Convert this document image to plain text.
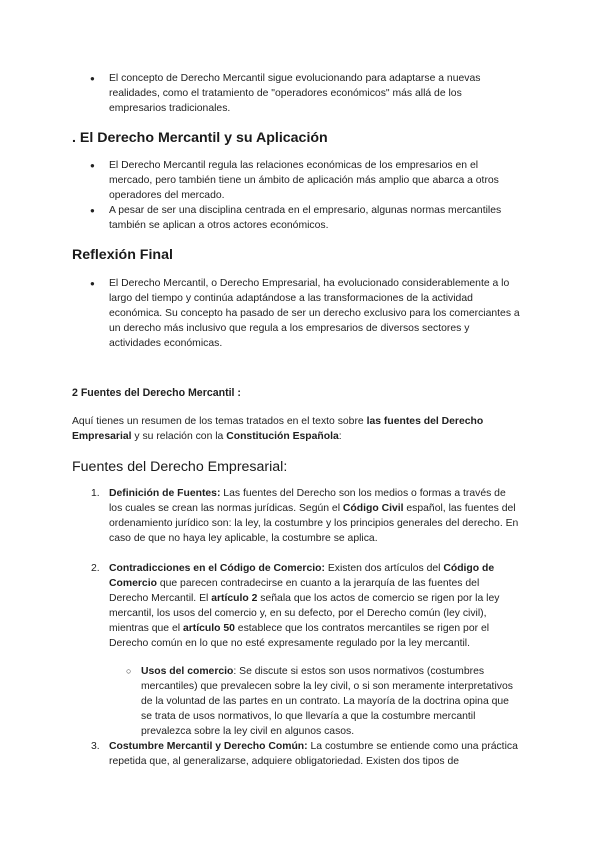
● El concepto de Derecho Mercantil sigue evolucionando para adaptarse a nuevas realidades, como el tratamiento de "operadores económicos" más allá de los empresarios tradicionales.
. El Derecho Mercantil y su Aplicación
● El Derecho Mercantil regula las relaciones económicas de los empresarios en el mercado, pero también tiene un ámbito de aplicación más amplio que abarca a otros operadores del mercado.
● A pesar de ser una disciplina centrada en el empresario, algunas normas mercantiles también se aplican a otros actores económicos.
Reflexión Final
● El Derecho Mercantil, o Derecho Empresarial, ha evolucionado considerablemente a lo largo del tiempo y continúa adaptándose a las transformaciones de la actividad económica. Su concepto ha pasado de ser un derecho exclusivo para los comerciantes a un derecho más inclusivo que regula a los empresarios de diversos sectores y actividades económicas.
2 Fuentes del Derecho Mercantil :

Aquí tienes un resumen de los temas tratados en el texto sobre las fuentes del Derecho Empresarial y su relación con la Constitución Española:

Fuentes del Derecho Empresarial:
1. Definición de Fuentes: Las fuentes del Derecho son los medios o formas a través de los cuales se crean las normas jurídicas. Según el Código Civil español, las fuentes del ordenamiento jurídico son: la ley, la costumbre y los principios generales del derecho. En caso de que no haya ley aplicable, la costumbre se aplica.

2. Contradicciones en el Código de Comercio: Existen dos artículos del Código de Comercio que parecen contradecirse en cuanto a la jerarquía de las fuentes del Derecho Mercantil. El artículo 2 señala que los actos de comercio se rigen por la ley mercantil, los usos del comercio y, en su defecto, por el Derecho común (ley civil), mientras que el artículo 50 establece que los contratos mercantiles se rigen por el Derecho común en lo que no esté expresamente regulado por la ley mercantil.

○ Usos del comercio: Se discute si estos son usos normativos (costumbres mercantiles) que prevalecen sobre la ley civil, o si son meramente interpretativos de la voluntad de las partes en un contrato. La mayoría de la doctrina opina que se trata de usos normativos, lo que llevaría a que la costumbre mercantil prevalezca sobre la ley civil en algunos casos.
3. Costumbre Mercantil y Derecho Común: La costumbre se entiende como una práctica repetida que, al generalizarse, adquiere obligatoriedad. Existen dos tipos de
